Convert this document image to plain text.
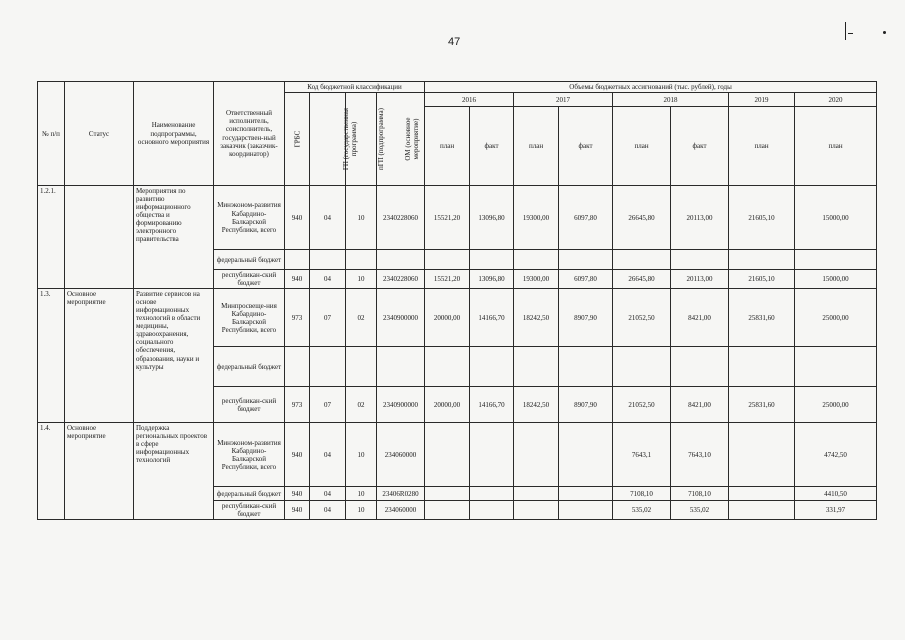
47
№ п/п	Статус	Наименование подпрограммы, основного мероприятия	Ответственный исполнитель, соисполнитель, государствен-ный заказчик (заказчик-координатор)	Код бюджетной классификации				Объемы бюджетных ассигнований (тыс. рублей), годы							
				ГРБС	ГП (государственная программа)	пГП (подпрограмма)	ОМ (основное мероприятие)	2016		2017		2018		2019	2020
								план	факт	план	факт	план	факт	план	план
1.2.1.		Мероприятия по развитию информационного общества и формированию электронного правительства	Минэконом-развития Кабардино-Балкарской Республики, всего	940	04	10	2340228060	15521,20	13096,80	19300,00	6097,80	26645,80	20113,00	21605,10	15000,00
			федеральный бюджет												
			республикан-ский бюджет	940	04	10	2340228060	15521,20	13096,80	19300,00	6097,80	26645,80	20113,00	21605,10	15000,00
1.3.	Основное мероприятие	Развитие сервисов на основе информационных технологий в области медицины, здравоохранения, социального обеспечения, образования, науки и культуры	Минпросвеще-ния Кабардино-Балкарской Республики, всего	973	07	02	2340900000	20000,00	14166,70	18242,50	8907,90	21052,50	8421,00	25831,60	25000,00
			федеральный бюджет												
			республикан-ский бюджет	973	07	02	2340900000	20000,00	14166,70	18242,50	8907,90	21052,50	8421,00	25831,60	25000,00
1.4.	Основное мероприятие	Поддержка региональных проектов в сфере информационных технологий	Минэконом-развития Кабардино-Балкарской Республики, всего	940	04	10	234060000					7643,1	7643,10		4742,50
			федеральный бюджет	940	04	10	23406R0280					7108,10	7108,10		4410,50
			республикан-ский бюджет	940	04	10	234060000					535,02	535,02		331,97
